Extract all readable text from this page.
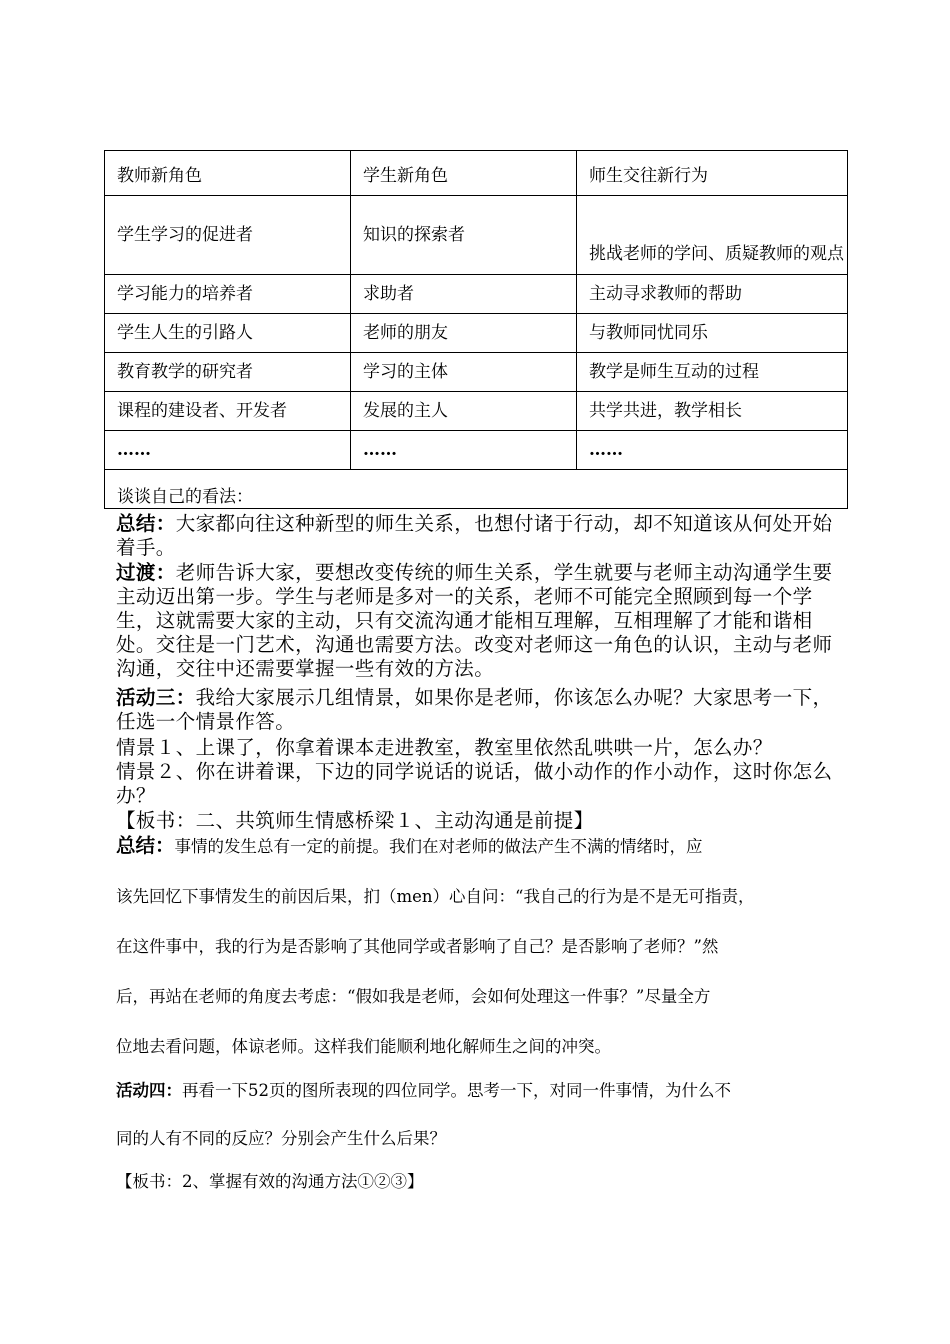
教师新角色	学生新角色	师生交往新行为
学生学习的促进者	知识的探索者	挑战老师的学问、质疑教师的观点
学习能力的培养者	求助者	主动寻求教师的帮助
学生人生的引路人	老师的朋友	与教师同忧同乐
教育教学的研究者	学习的主体	教学是师生互动的过程
课程的建设者、开发者	发展的主人	共学共进，教学相长
……	……	……
谈谈自己的看法：		
总结：大家都向往这种新型的师生关系，也想付诸于行动，却不知道该从何处开始着手。
过渡：老师告诉大家，要想改变传统的师生关系，学生就要与老师主动沟通学生要主动迈出第一步。学生与老师是多对一的关系，老师不可能完全照顾到每一个学生，这就需要大家的主动，只有交流沟通才能相互理解，互相理解了才能和谐相处。交往是一门艺术，沟通也需要方法。改变对老师这一角色的认识，主动与老师沟通，交往中还需要掌握一些有效的方法。
活动三：我给大家展示几组情景，如果你是老师，你该怎么办呢？大家思考一下，任选一个情景作答。
情景１、上课了，你拿着课本走进教室，教室里依然乱哄哄一片，怎么办？
情景２、你在讲着课，下边的同学说话的说话，做小动作的作小动作，这时你怎么办？
【板书：二、共筑师生情感桥梁１、主动沟通是前提】
总结：事情的发生总有一定的前提。我们在对老师的做法产生不满的情绪时，应
该先回忆下事情发生的前因后果，扪（men）心自问：“我自己的行为是不是无可指责，
在这件事中，我的行为是否影响了其他同学或者影响了自己？是否影响了老师？”然
后，再站在老师的角度去考虑：“假如我是老师，会如何处理这一件事？”尽量全方
位地去看问题，体谅老师。这样我们能顺利地化解师生之间的冲突。
活动四：再看一下52页的图所表现的四位同学。思考一下，对同一件事情，为什么不
同的人有不同的反应？分别会产生什么后果？
【板书：2、掌握有效的沟通方法①②③】
